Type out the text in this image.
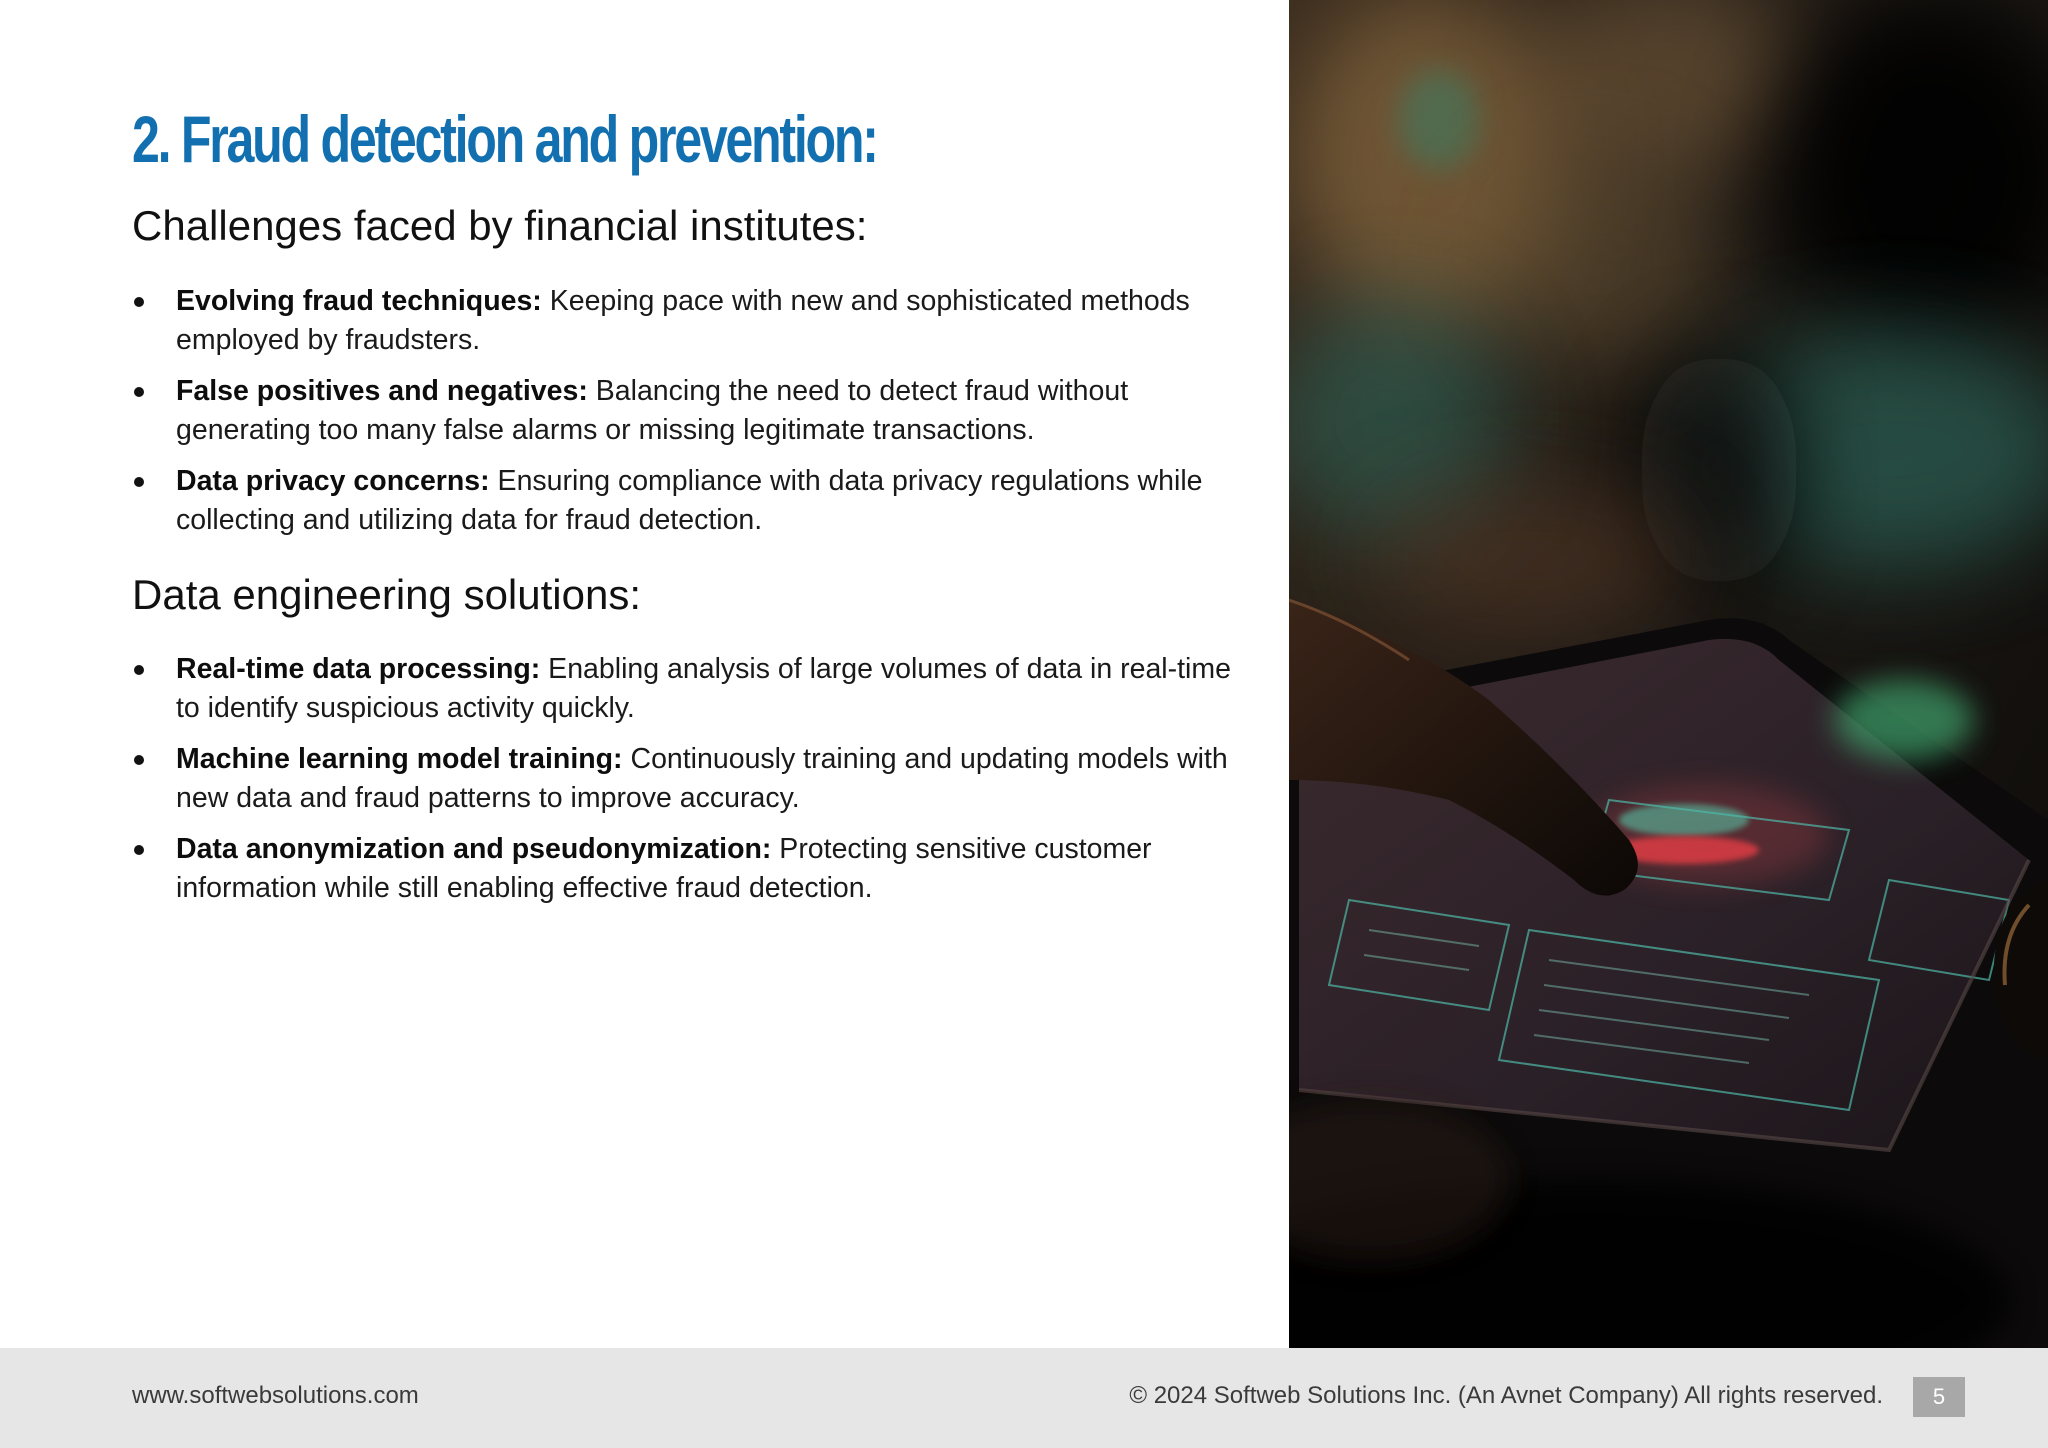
2. Fraud detection and prevention:
Challenges faced by financial institutes:
Evolving fraud techniques: Keeping pace with new and sophisticated methods employed by fraudsters.
False positives and negatives: Balancing the need to detect fraud without generating too many false alarms or missing legitimate transactions.
Data privacy concerns: Ensuring compliance with data privacy regulations while collecting and utilizing data for fraud detection.
Data engineering solutions:
Real-time data processing: Enabling analysis of large volumes of data in real-time to identify suspicious activity quickly.
Machine learning model training: Continuously training and updating models with new data and fraud patterns to improve accuracy.
Data anonymization and pseudonymization: Protecting sensitive customer information while still enabling effective fraud detection.
www.softwebsolutions.com	© 2024 Softweb Solutions Inc. (An Avnet Company) All rights reserved.	5
